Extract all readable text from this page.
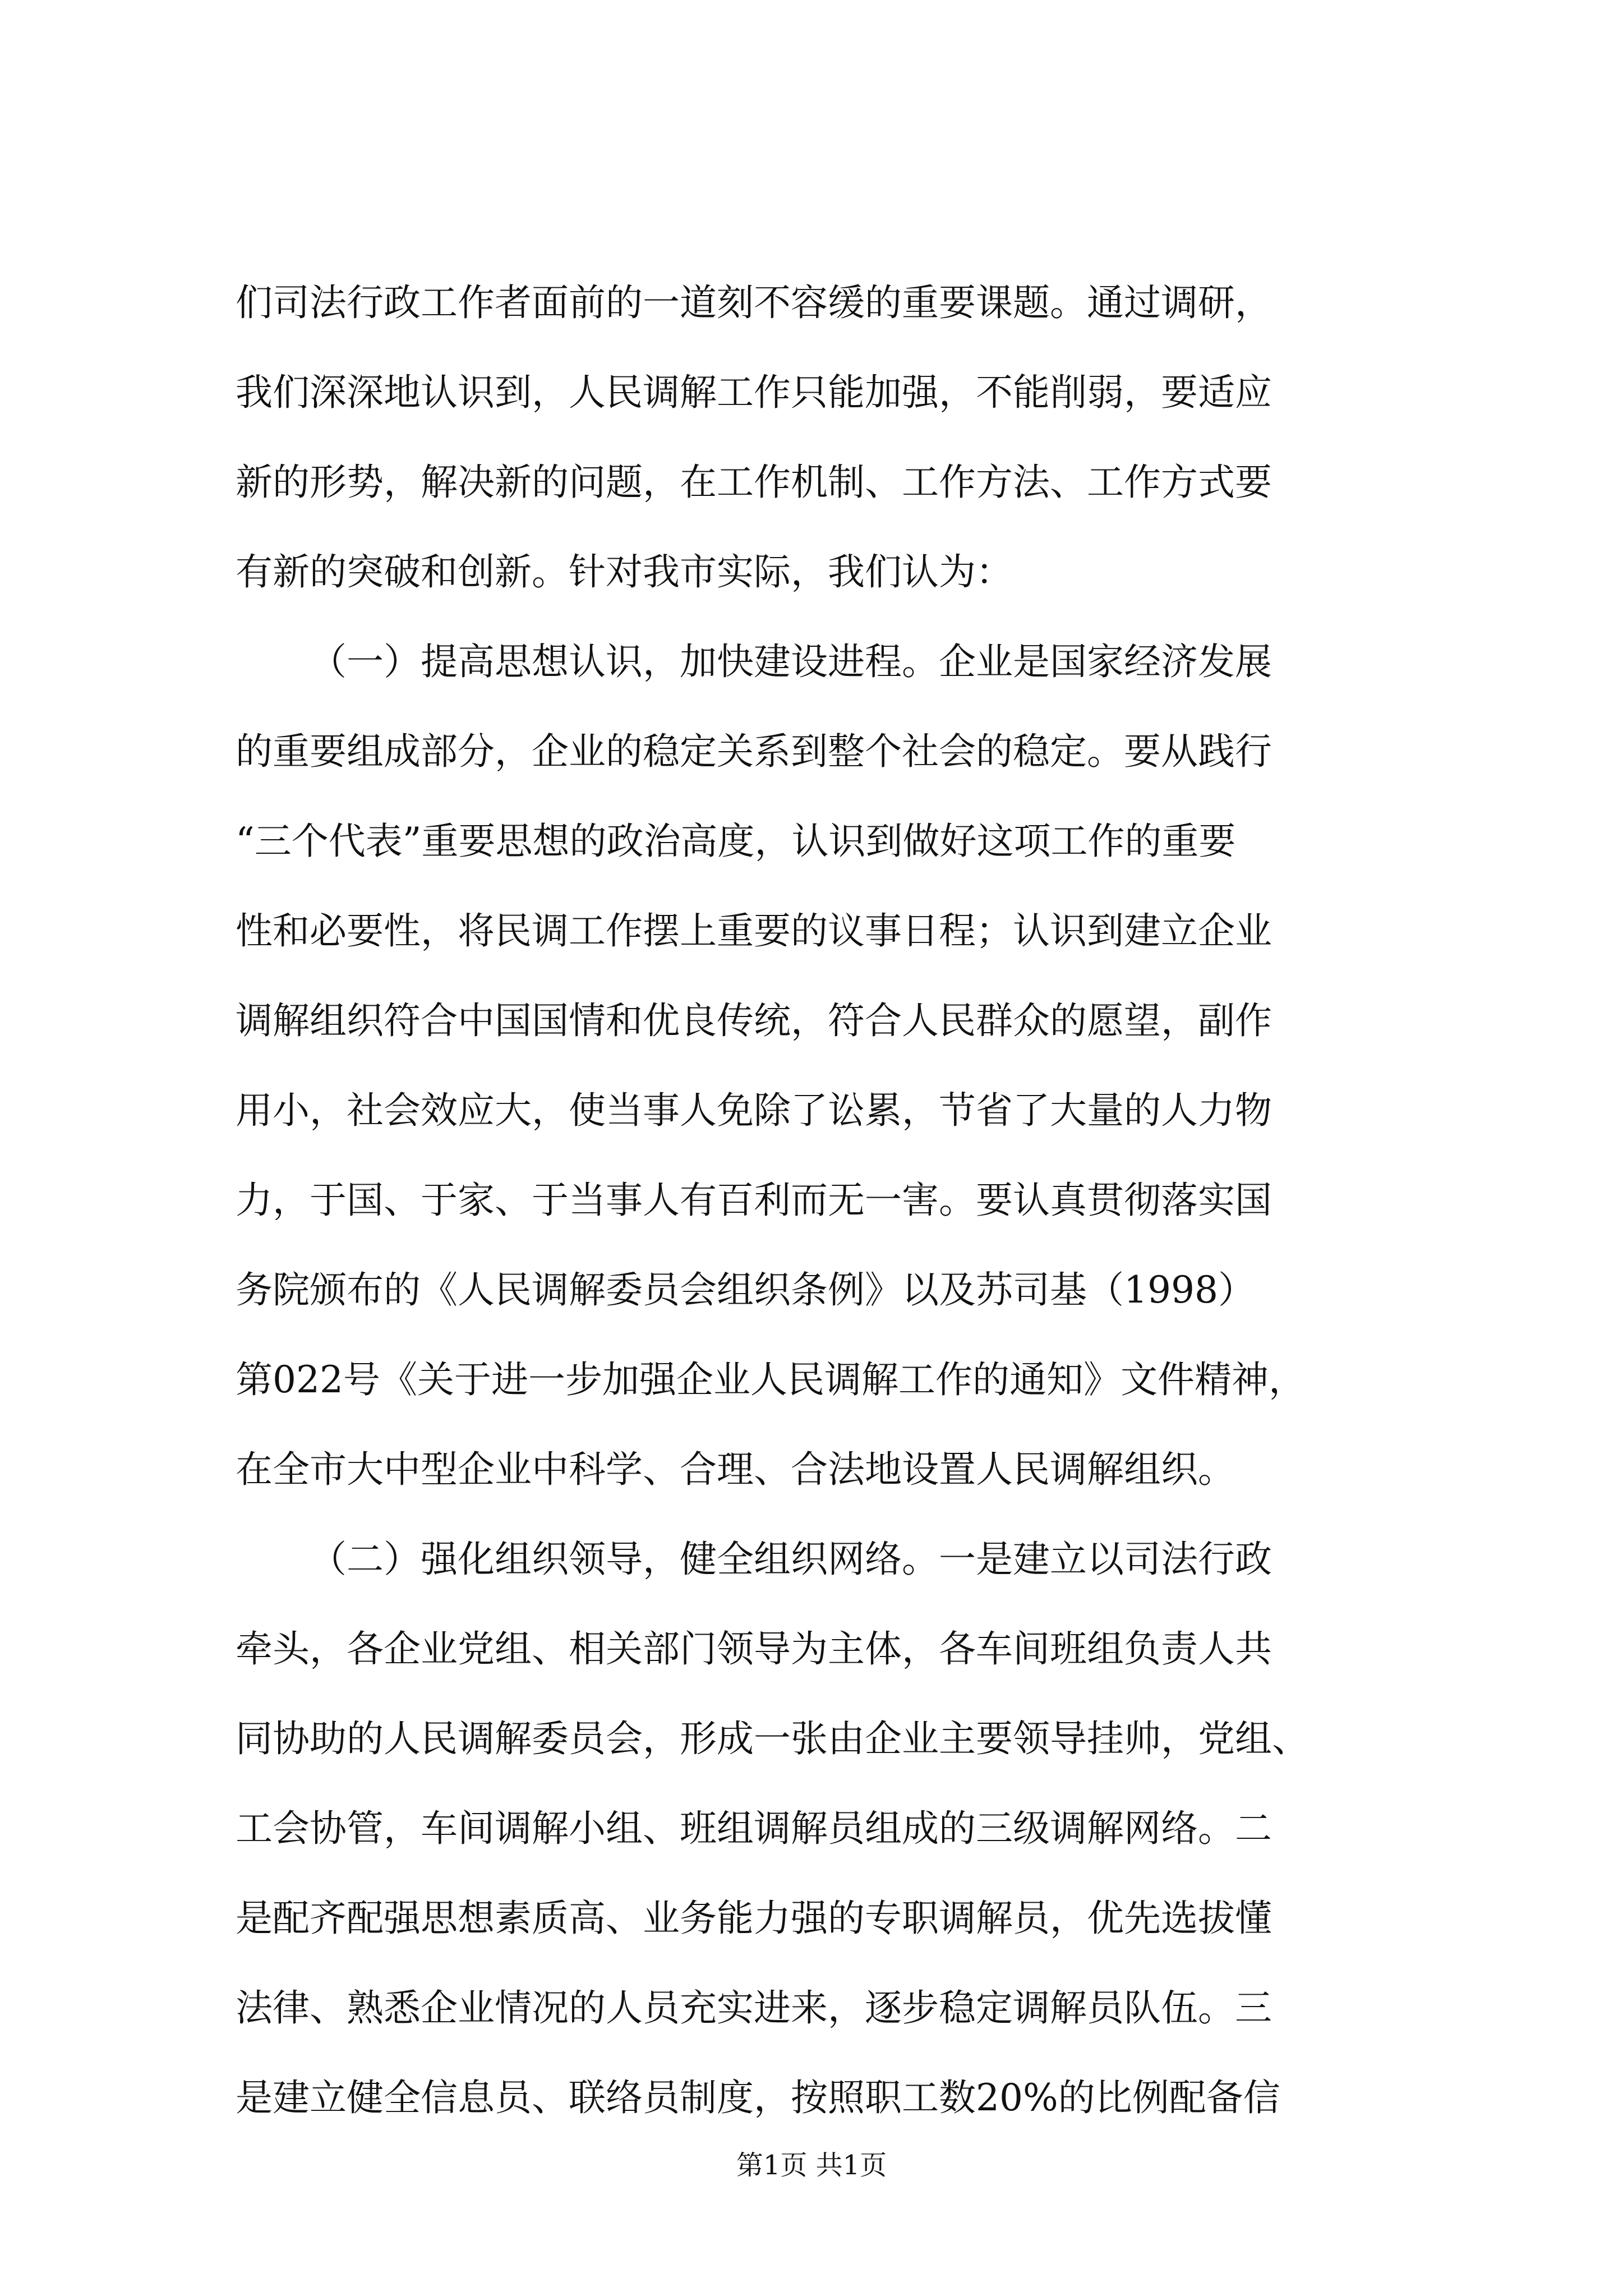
们司法行政工作者面前的一道刻不容缓的重要课题。通过调研，
我们深深地认识到，人民调解工作只能加强，不能削弱，要适应
新的形势，解决新的问题，在工作机制、工作方法、工作方式要
有新的突破和创新。针对我市实际，我们认为：
（一）提高思想认识，加快建设进程。企业是国家经济发展
的重要组成部分，企业的稳定关系到整个社会的稳定。要从践行
“三个代表”重要思想的政治高度，认识到做好这项工作的重要
性和必要性，将民调工作摆上重要的议事日程；认识到建立企业
调解组织符合中国国情和优良传统，符合人民群众的愿望，副作
用小，社会效应大，使当事人免除了讼累，节省了大量的人力物
力，于国、于家、于当事人有百利而无一害。要认真贯彻落实国
务院颁布的《人民调解委员会组织条例》以及苏司基（1998）
第022号《关于进一步加强企业人民调解工作的通知》文件精神，
在全市大中型企业中科学、合理、合法地设置人民调解组织。
（二）强化组织领导，健全组织网络。一是建立以司法行政
牵头，各企业党组、相关部门领导为主体，各车间班组负责人共
同协助的人民调解委员会，形成一张由企业主要领导挂帅，党组、
工会协管，车间调解小组、班组调解员组成的三级调解网络。二
是配齐配强思想素质高、业务能力强的专职调解员，优先选拔懂
法律、熟悉企业情况的人员充实进来，逐步稳定调解员队伍。三
是建立健全信息员、联络员制度，按照职工数20%的比例配备信
第1页 共1页
